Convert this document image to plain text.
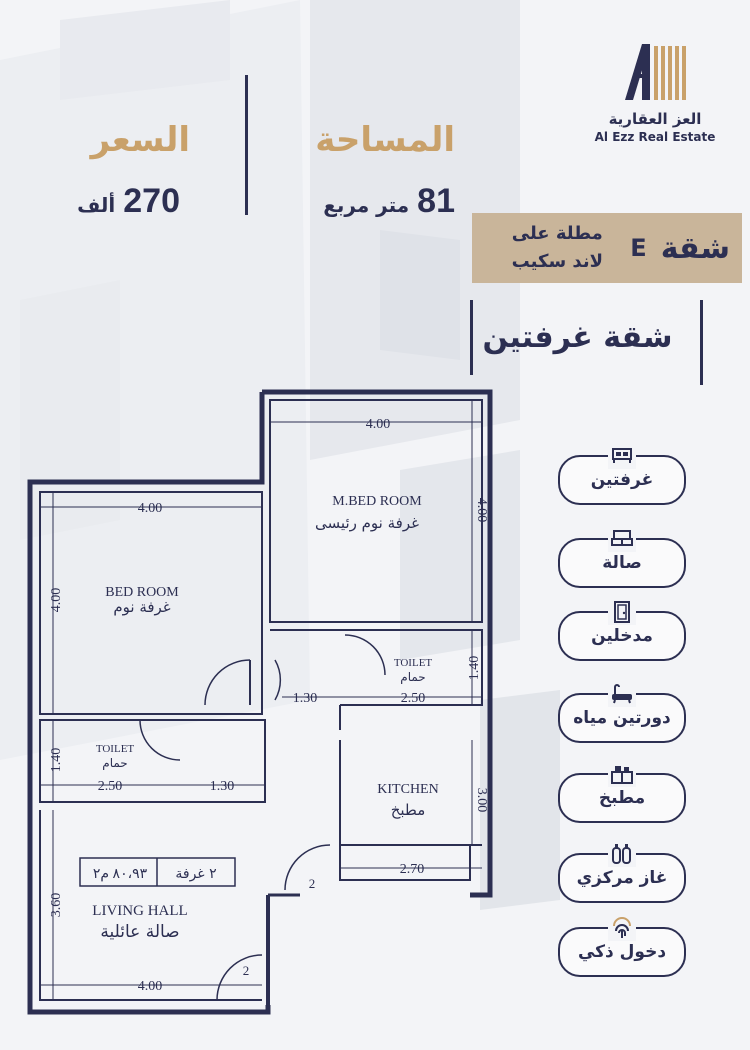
العز العقارية
Al Ezz Real Estate
المساحة
81متر مربع
السعر
270ألف
شقة
E
مطلة على لاند سكيب
شقة غرفتين
غرفتين
صالة
مدخلين
دورتين مياه
مطبخ
غاز مركزي
دخول ذكي
M.BED ROOM
غرفة نوم رئيسى
4.00
4.00
BED ROOM
غرفة نوم
4.00
4.00
TOILET
حمام
2.50
1.40
1.30
TOILET
حمام
2.50
1.40
1.30	KITCHEN
مطبخ
2.70
3.00
٨٠،٩٣ م٢ ٢ غرفة
LIVING HALL
صالة عائلية
4.00
3.60
2
2
